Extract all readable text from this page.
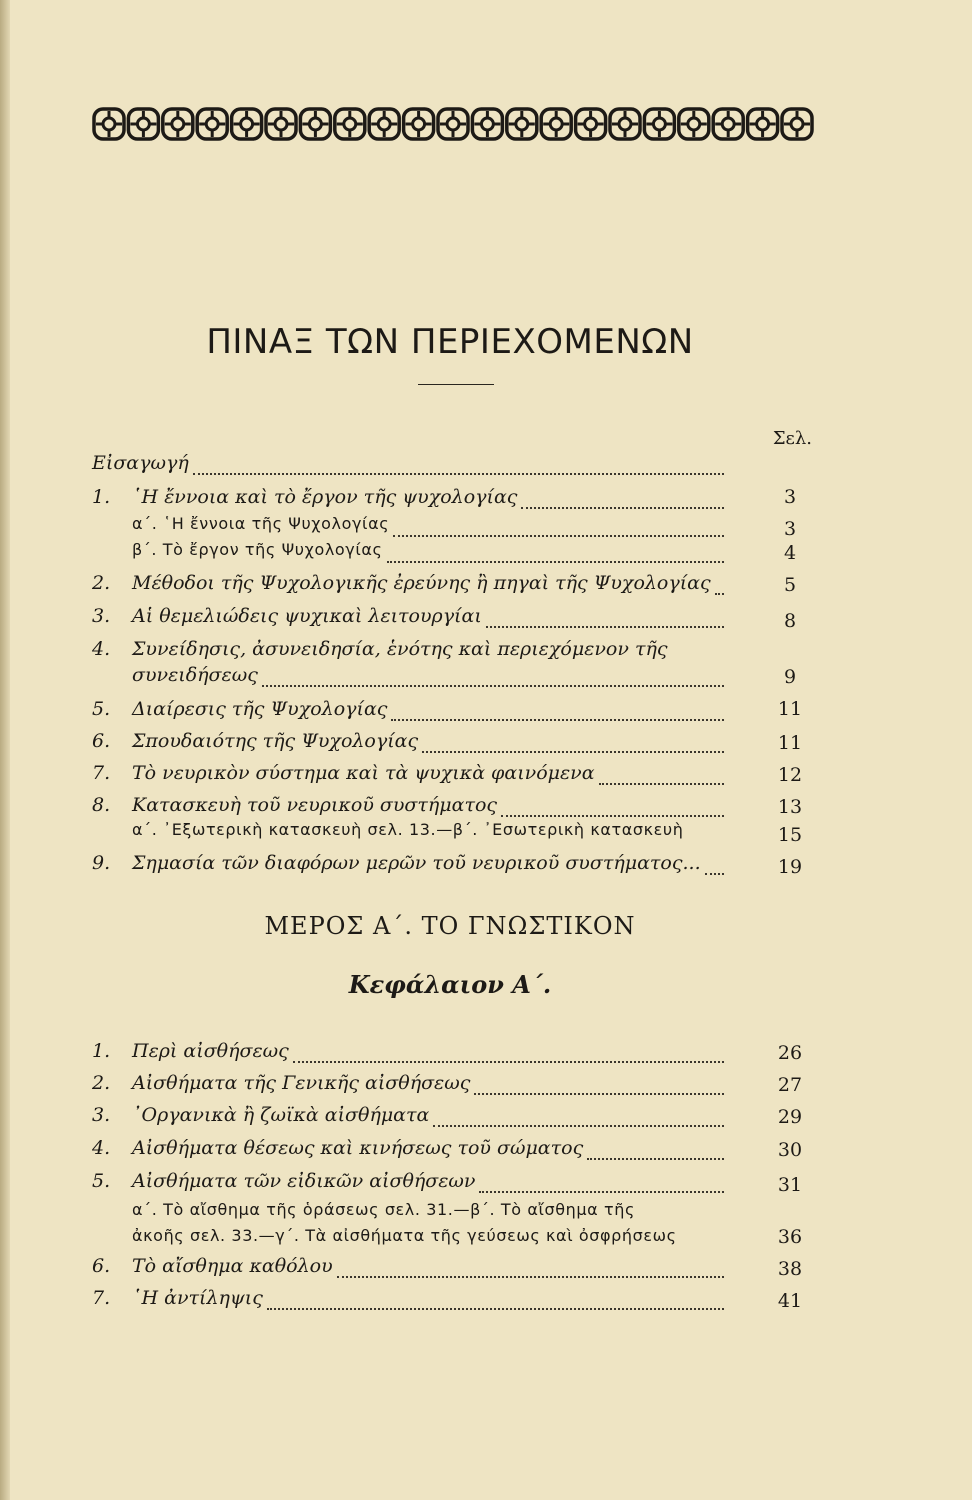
ΠΙΝΑΞ ΤΩΝ ΠΕΡΙΕΧΟΜΕΝΩΝ
Σελ.
Εἰσαγωγή
1.	῾Η ἔννοια καὶ τὸ ἔργον τῆς ψυχολογίας	3
α΄. ῾Η ἔννοια τῆς Ψυχολογίας	3
β΄. Τὸ ἔργον τῆς Ψυχολογίας	4
2.	Μέθοδοι τῆς Ψυχολογικῆς ἐρεύνης ἢ πηγαὶ τῆς Ψυχολογίας	5
3.	Αἱ θεμελιώδεις ψυχικαὶ λειτουργίαι	8
4.	Συνείδησις, ἀσυνειδησία, ἑνότης καὶ περιεχόμενον τῆς
συνειδήσεως	9
5.	Διαίρεσις τῆς Ψυχολογίας	11
6.	Σπουδαιότης τῆς Ψυχολογίας	11
7.	Τὸ νευρικὸν σύστημα καὶ τὰ ψυχικὰ φαινόμενα	12
8.	Κατασκευὴ τοῦ νευρικοῦ συστήματος	13
α΄. ᾿Εξωτερικὴ κατασκευὴ σελ. 13.—β΄. ᾿Εσωτερικὴ κατασκευὴ	15
9.	Σημασία τῶν διαφόρων μερῶν τοῦ νευρικοῦ συστήματος...	19
ΜΕΡΟΣ Α΄. ΤΟ ΓΝΩΣΤΙΚΟΝ
Κεφάλαιον Α΄.
1.	Περὶ αἰσθήσεως	26
2.	Αἰσθήματα τῆς Γενικῆς αἰσθήσεως	27
3.	᾿Οργανικὰ ἢ ζωϊκὰ αἰσθήματα	29
4.	Αἰσθήματα θέσεως καὶ κινήσεως τοῦ σώματος	30
5.	Αἰσθήματα τῶν εἰδικῶν αἰσθήσεων	31
α΄. Τὸ αἴσθημα τῆς ὁράσεως σελ. 31.—β΄. Τὸ αἴσθημα τῆς
ἀκοῆς σελ. 33.—γ΄. Τὰ αἰσθήματα τῆς γεύσεως καὶ ὀσφρήσεως	36
6.	Τὸ αἴσθημα καθόλου	38
7.	῾Η ἀντίληψις	41
